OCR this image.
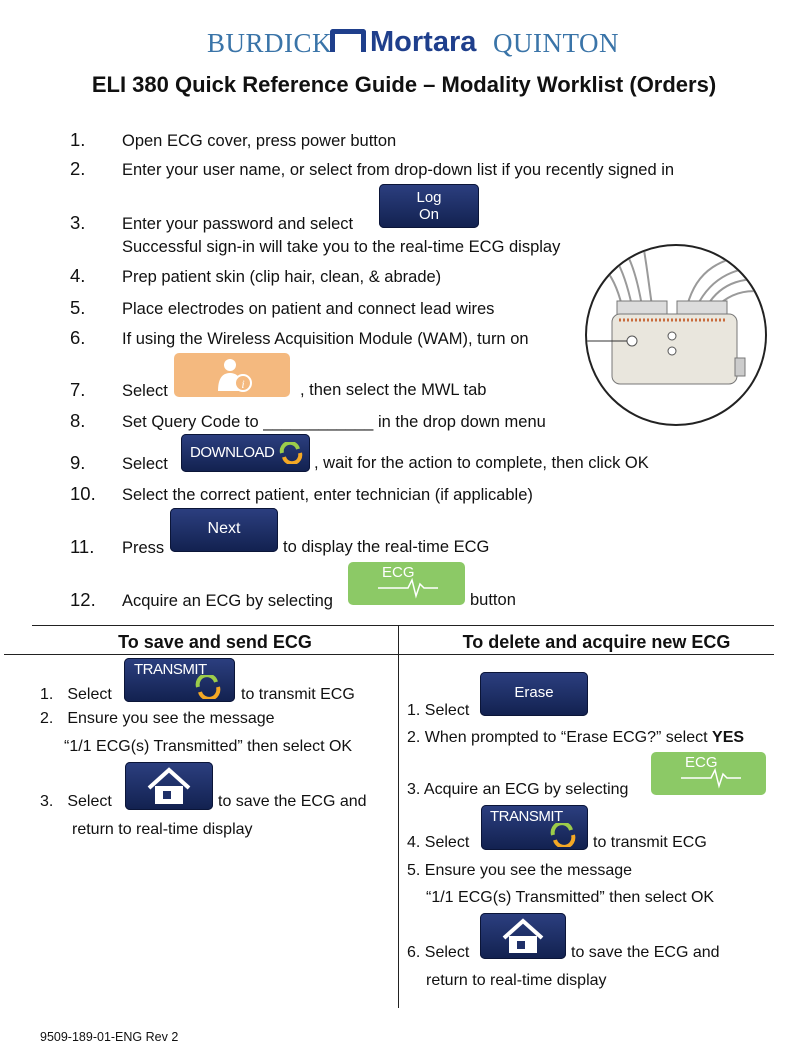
BURDICK	Mortara QUINTON
ELI 380 Quick Reference Guide – Modality Worklist (Orders)
1. Open ECG cover, press power button
2. Enter your user name, or select from drop-down list if you recently signed in
3. Enter your password and select
Log
On
Successful sign-in will take you to the real-time ECG display
4. Prep patient skin (clip hair, clean, & abrade)
5. Place electrodes on patient and connect lead wires
6. If using the Wireless Acquisition Module (WAM), turn on
7. Select	i	, then select the MWL tab
8. Set Query Code to ____________ in the drop down menu
9. Select
DOWNLOAD
, wait for the action to complete, then click OK
10. Select the correct patient, enter technician (if applicable)
11. Press
Next
to display the real-time ECG
12. Acquire an ECG by selecting
ECG
button
To save and send ECG	To delete and acquire new ECG
1. Select
TRANSMIT
to transmit ECG
2. Ensure you see the message
“1/1 ECG(s) Transmitted” then select OK
3. Select	to save the ECG and
return to real-time display
1. Select
Erase
2. When prompted to “Erase ECG?” select YES
3. Acquire an ECG by selecting
ECG
4. Select
TRANSMIT
to transmit ECG
5. Ensure you see the message
“1/1 ECG(s) Transmitted” then select OK
6. Select	to save the ECG and
return to real-time display
9509-189-01-ENG Rev 2
